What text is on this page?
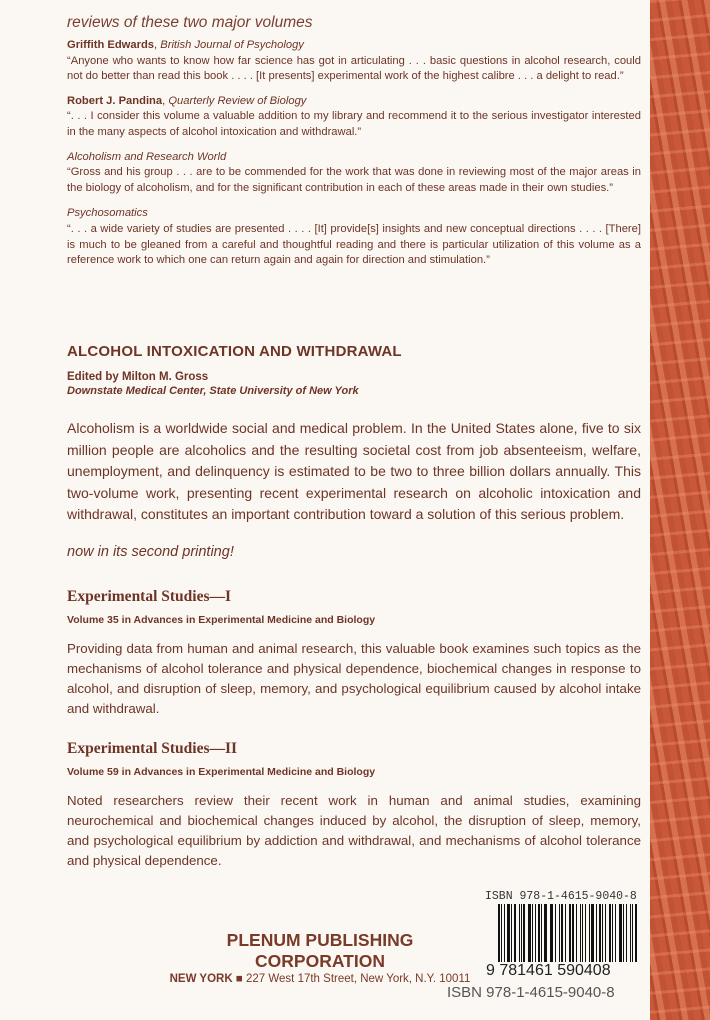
reviews of these two major volumes
Griffith Edwards, British Journal of Psychology
“Anyone who wants to know how far science has got in articulating . . . basic questions in alcohol research, could not do better than read this book . . . . [It presents] experimental work of the highest calibre . . . a delight to read.”
Robert J. Pandina, Quarterly Review of Biology
“. . . I consider this volume a valuable addition to my library and recommend it to the serious investigator interested in the many aspects of alcohol intoxication and withdrawal.”
Alcoholism and Research World
“Gross and his group . . . are to be commended for the work that was done in reviewing most of the major areas in the biology of alcoholism, and for the significant contribution in each of these areas made in their own studies.”
Psychosomatics
“. . . a wide variety of studies are presented . . . . [It] provide[s] insights and new conceptual directions . . . . [There] is much to be gleaned from a careful and thoughtful reading and there is particular utilization of this volume as a reference work to which one can return again and again for direction and stimulation.”
ALCOHOL INTOXICATION AND WITHDRAWAL
Edited by Milton M. Gross
Downstate Medical Center, State University of New York
Alcoholism is a worldwide social and medical problem. In the United States alone, five to six million people are alcoholics and the resulting societal cost from job absenteeism, welfare, unemployment, and delinquency is estimated to be two to three billion dollars annually. This two-volume work, presenting recent experimental research on alcoholic intoxication and withdrawal, constitutes an important contribution toward a solution of this serious problem.
now in its second printing!
Experimental Studies—I
Volume 35 in Advances in Experimental Medicine and Biology
Providing data from human and animal research, this valuable book examines such topics as the mechanisms of alcohol tolerance and physical dependence, biochemical changes in response to alcohol, and disruption of sleep, memory, and psychological equilibrium caused by alcohol intake and withdrawal.
Experimental Studies—II
Volume 59 in Advances in Experimental Medicine and Biology
Noted researchers review their recent work in human and animal studies, examining neurochemical and biochemical changes induced by alcohol, the disruption of sleep, memory, and psychological equilibrium by addiction and withdrawal, and mechanisms of alcohol tolerance and physical dependence.
PLENUM PUBLISHING CORPORATION
NEW YORK ■ 227 West 17th Street, New York, N.Y. 10011
ISBN 978-1-4615-9040-8
9 781461 590408
ISBN 978-1-4615-9040-8
